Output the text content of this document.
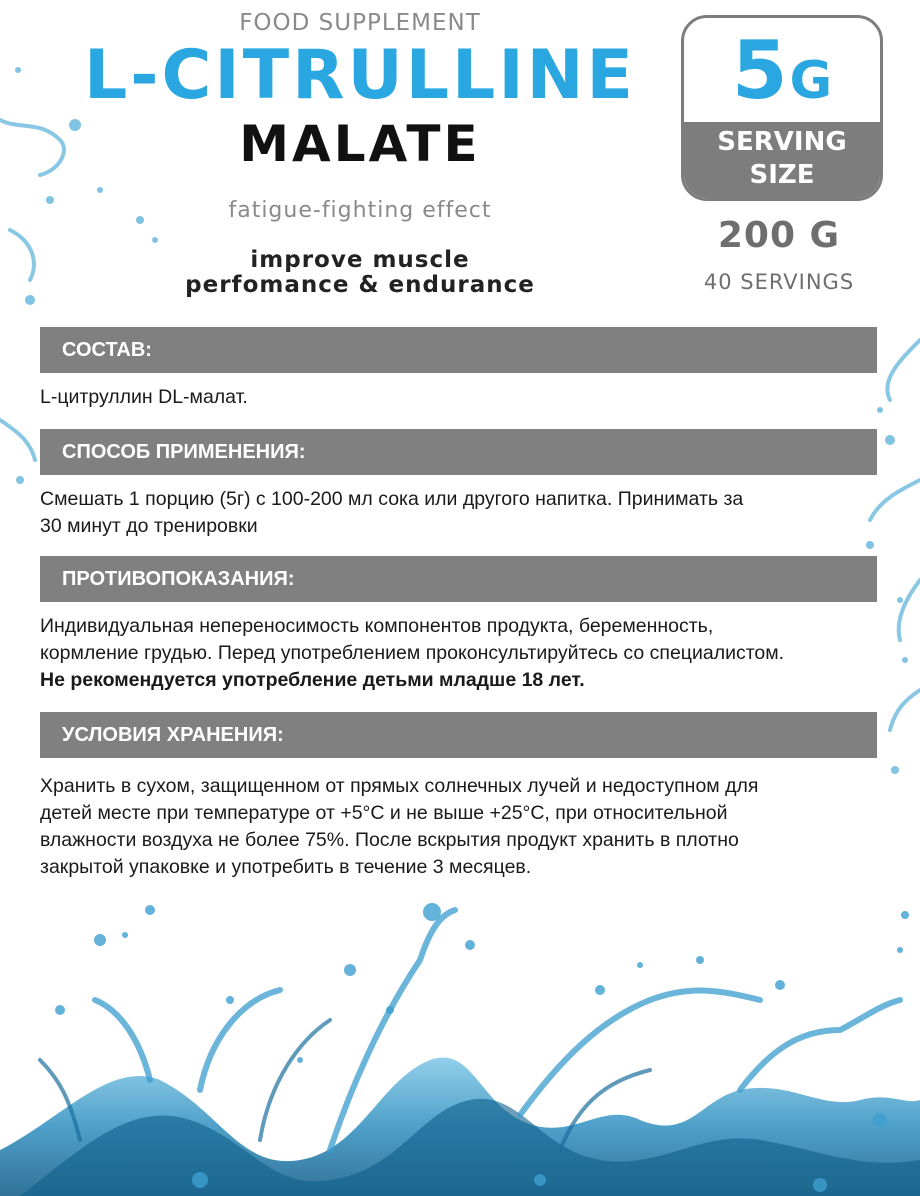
FOOD SUPPLEMENT
L-CITRULLINE
MALATE
fatigue-fighting effect
improve muscle
perfomance & endurance
5G
SERVING
SIZE
200 G
40 SERVINGS
СОСТАВ:

L-цитруллин DL-малат.

СПОСОБ ПРИМЕНЕНИЯ:

Смешать 1 порцию (5г) с 100-200 мл сока или другого напитка. Принимать за

30 минут до тренировки

ПРОТИВОПОКАЗАНИЯ:

Индивидуальная непереносимость компонентов продукта, беременность,

кормление грудью. Перед употреблением проконсультируйтесь со специалистом.

Не рекомендуется употребление детьми младше 18 лет.

УСЛОВИЯ ХРАНЕНИЯ:

Хранить в сухом, защищенном от прямых солнечных лучей и недоступном для

детей месте при температуре от +5°С и не выше +25°С, при относительной

влажности воздуха не более 75%. После вскрытия продукт хранить в плотно

закрытой упаковке и употребить в течение 3 месяцев.
